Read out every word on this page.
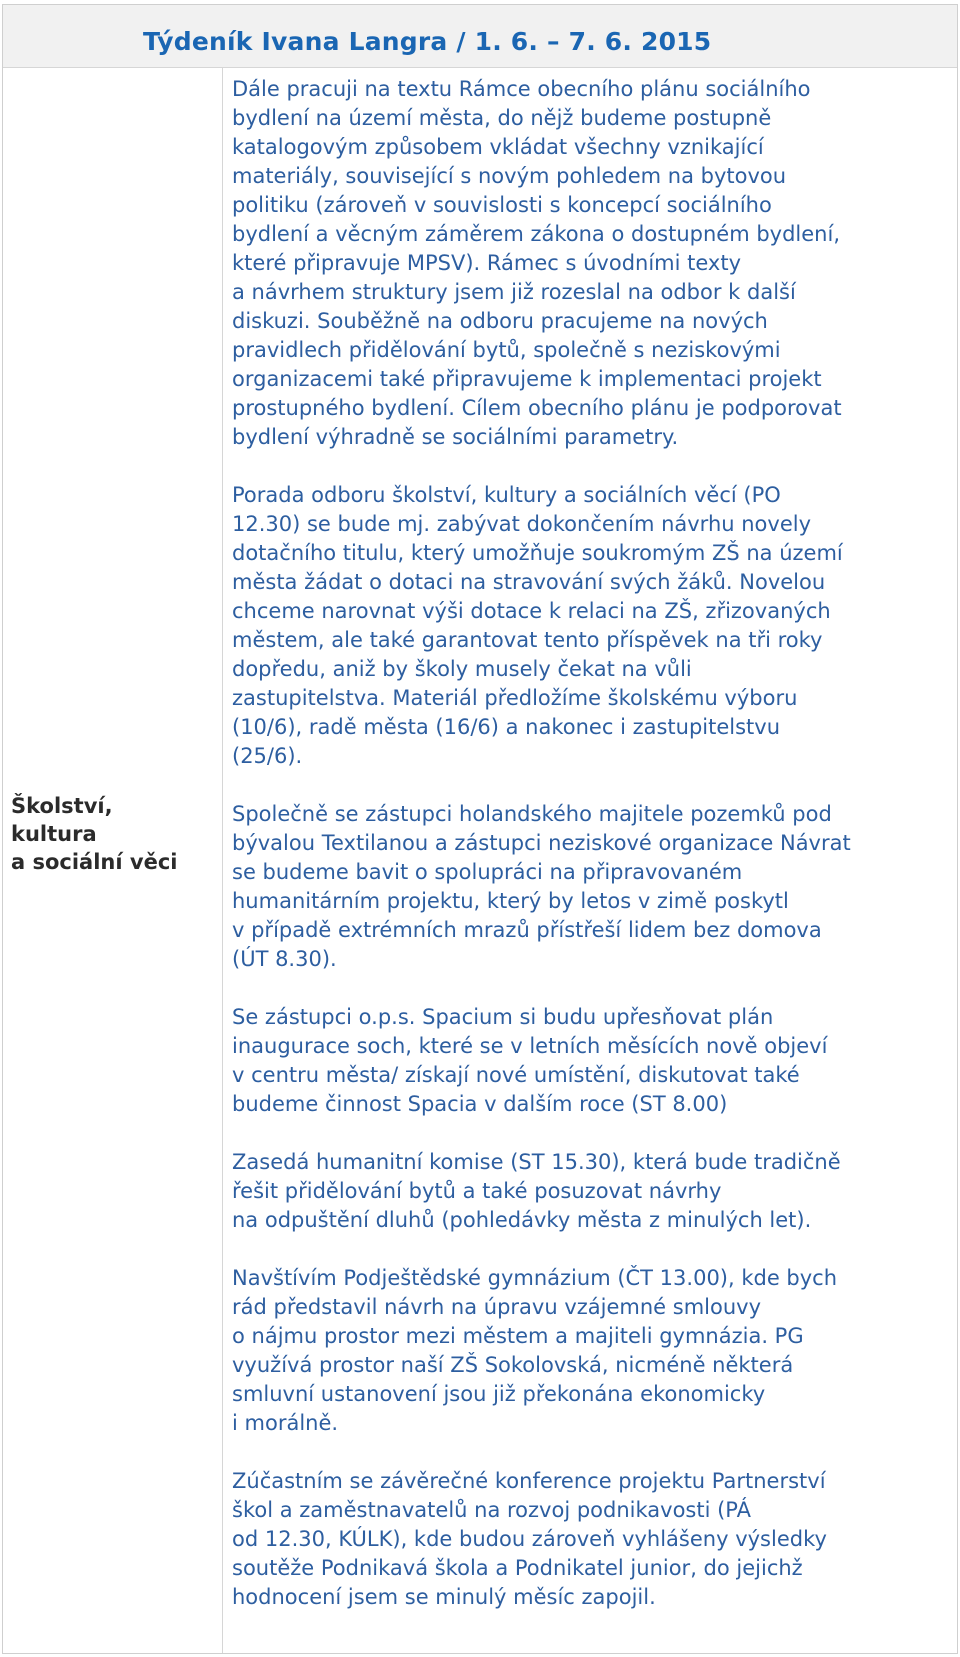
Týdeník Ivana Langra / 1. 6. – 7. 6. 2015
Školství,
kultura
a sociální věci
Dále pracuji na textu Rámce obecního plánu sociálního
bydlení na území města, do nějž budeme postupně
katalogovým způsobem vkládat všechny vznikající
materiály, související s novým pohledem na bytovou
politiku (zároveň v souvislosti s koncepcí sociálního
bydlení a věcným záměrem zákona o dostupném bydlení,
které připravuje MPSV). Rámec s úvodními texty
a návrhem struktury jsem již rozeslal na odbor k další
diskuzi. Souběžně na odboru pracujeme na nových
pravidlech přidělování bytů, společně s neziskovými
organizacemi také připravujeme k implementaci projekt
prostupného bydlení. Cílem obecního plánu je podporovat
bydlení výhradně se sociálními parametry.
Porada odboru školství, kultury a sociálních věcí (PO
12.30) se bude mj. zabývat dokončením návrhu novely
dotačního titulu, který umožňuje soukromým ZŠ na území
města žádat o dotaci na stravování svých žáků. Novelou
chceme narovnat výši dotace k relaci na ZŠ, zřizovaných
městem, ale také garantovat tento příspěvek na tři roky
dopředu, aniž by školy musely čekat na vůli
zastupitelstva. Materiál předložíme školskému výboru
(10/6), radě města (16/6) a nakonec i zastupitelstvu
(25/6).
Společně se zástupci holandského majitele pozemků pod
bývalou Textilanou a zástupci neziskové organizace Návrat
se budeme bavit o spolupráci na připravovaném
humanitárním projektu, který by letos v zimě poskytl
v případě extrémních mrazů přístřeší lidem bez domova
(ÚT 8.30).
Se zástupci o.p.s. Spacium si budu upřesňovat plán
inaugurace soch, které se v letních měsících nově objeví
v centru města/ získají nové umístění, diskutovat také
budeme činnost Spacia v dalším roce (ST 8.00)
Zasedá humanitní komise (ST 15.30), která bude tradičně
řešit přidělování bytů a také posuzovat návrhy
na odpuštění dluhů (pohledávky města z minulých let).
Navštívím Podještědské gymnázium (ČT 13.00), kde bych
rád představil návrh na úpravu vzájemné smlouvy
o nájmu prostor mezi městem a majiteli gymnázia. PG
využívá prostor naší ZŠ Sokolovská, nicméně některá
smluvní ustanovení jsou již překonána ekonomicky
i morálně.
Zúčastním se závěrečné konference projektu Partnerství
škol a zaměstnavatelů na rozvoj podnikavosti (PÁ
od 12.30, KÚLK), kde budou zároveň vyhlášeny výsledky
soutěže Podnikavá škola a Podnikatel junior, do jejichž
hodnocení jsem se minulý měsíc zapojil.
